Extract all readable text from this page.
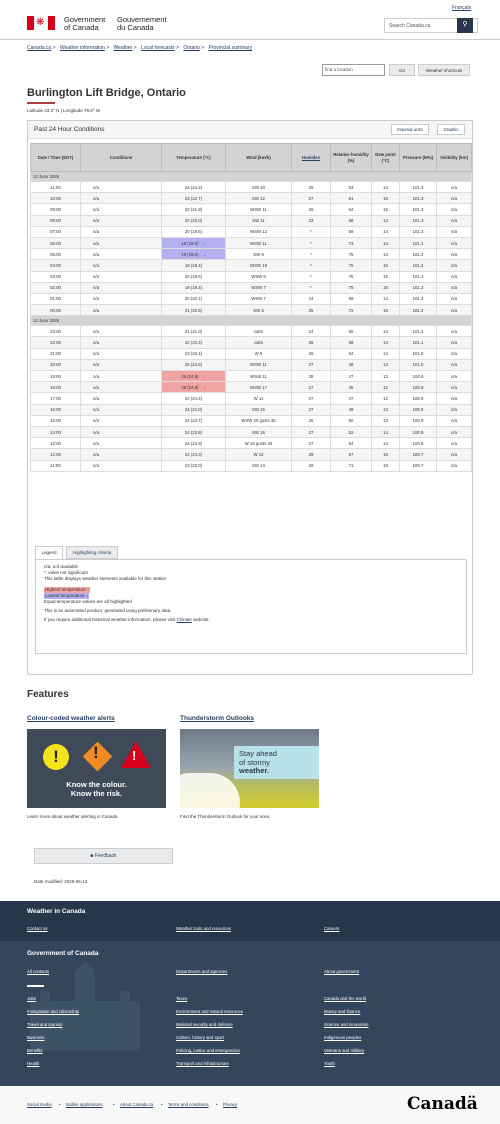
Français
❋	Government
of Canada
Gouvernement
du Canada	Search Canada.ca	⚲
Canada.ca > Weather information > Weather > Local forecasts > Ontario > Provincial summary
find a location	Go	Weather shortcuts
Burlington Lift Bridge, Ontario
Latitude 43.3° N | Longitude 79.8° W
Past 24 Hour Conditions	Imperial units	Graphic
Date / Time (EDT)	Conditions	Temperature (°C)	Wind (km/h)	Humidex	Relative humidity (%)	Dew point (°C)	Pressure (kPa)	Visibility (km)
13 June 2026								
11:00	n/a	24 (24.2)	SW 10	28	53	14	101.3	n/a
10:00	n/a	23 (22.7)	SW 12	27	61	15	101.3	n/a
09:00	n/a	22 (21.8)	WSW 11	26	64	15	101.3	n/a
08:00	n/a	20 (20.0)	SW 11	23	68	14	101.3	n/a
07:00	n/a	20 (19.6)	WSW 12	*	69	14	101.3	n/a
06:00	n/a	19 (19.0) ↓	WSW 11	*	73	14	101.2	n/a
05:00	n/a	19 (19.0) ↓	SW 9	*	75	14	101.2	n/a
04:00	n/a	19 (19.4)	WSW 10	*	75	15	101.2	n/a
03:00	n/a	20 (19.6)	WSW 8	*	76	15	101.2	n/a
02:00	n/a	19 (19.4)	WSW 7	*	75	15	101.2	n/a
01:00	n/a	20 (20.1)	WSW 7	24	69	14	101.2	n/a
00:00	n/a	21 (20.5)	SW 5	25	72	15	101.2	n/a
12 June 2026								
23:00	n/a	21 (21.0)	calm	24	65	14	101.2	n/a
22:00	n/a	22 (22.4)	calm	26	58	14	101.1	n/a
21:00	n/a	23 (23.4)	W 6	26	54	14	101.0	n/a
20:00	n/a	25 (24.5)	WSW 11	27	48	13	101.0	n/a
19:00	n/a	25 (24.8) ↑	WSW 11	28	47	13	100.9	n/a
18:00	n/a	25 (24.8) ↑	WSW 17	27	45	12	100.9	n/a
17:00	n/a	24 (24.4)	W 11	27	47	12	100.9	n/a
16:00	n/a	24 (24.0)	SW 15	27	49	13	100.9	n/a
15:00	n/a	24 (23.7)	WSW 20 gusts 35	26	50	13	100.9	n/a
14:00	n/a	24 (23.8)	SW 15	27	52	14	100.9	n/a
13:00	n/a	24 (23.9)	W 15 gusts 30	27	54	14	100.8	n/a
12:00	n/a	24 (24.3)	W 12	29	57	15	100.7	n/a
11:00	n/a	23 (23.0)	SW 14	29	71	18	100.7	n/a
Legend	Highlighting criteria
n/a: not available
*: value not significant
This table displays weather elements available for this station
Highest temperature ↑
Lowest temperature ↓
Equal temperature values are all highlighted
This is an automated product, generated using preliminary data.
If you require additional historical weather information, please visit Climate website.
Features
Colour-coded weather alerts
!	!	!
Know the colour.
Know the risk.
Learn more about weather alerting in Canada
Thunderstorm Outlooks
Stay ahead
of stormy
weather.
Find the Thunderstorm Outlook for your area.
■ Feedback
Date modified: 2026-06-13
Weather in Canada
Contact us	Weather tools and resources	Careers
Government of Canada
All contacts
Jobs
Immigration and citizenship
Travel and tourism
Business
Benefits
Health
Departments and agencies
Taxes
Environment and natural resources
National security and defence
Culture, history and sport
Policing, justice and emergencies
Transport and infrastructure
About government
Canada and the world
Money and finance
Science and innovation
Indigenous peoples
Veterans and military
Youth
Social media • Mobile applications • About Canada.ca • Terms and conditions • Privacy	Canadä
